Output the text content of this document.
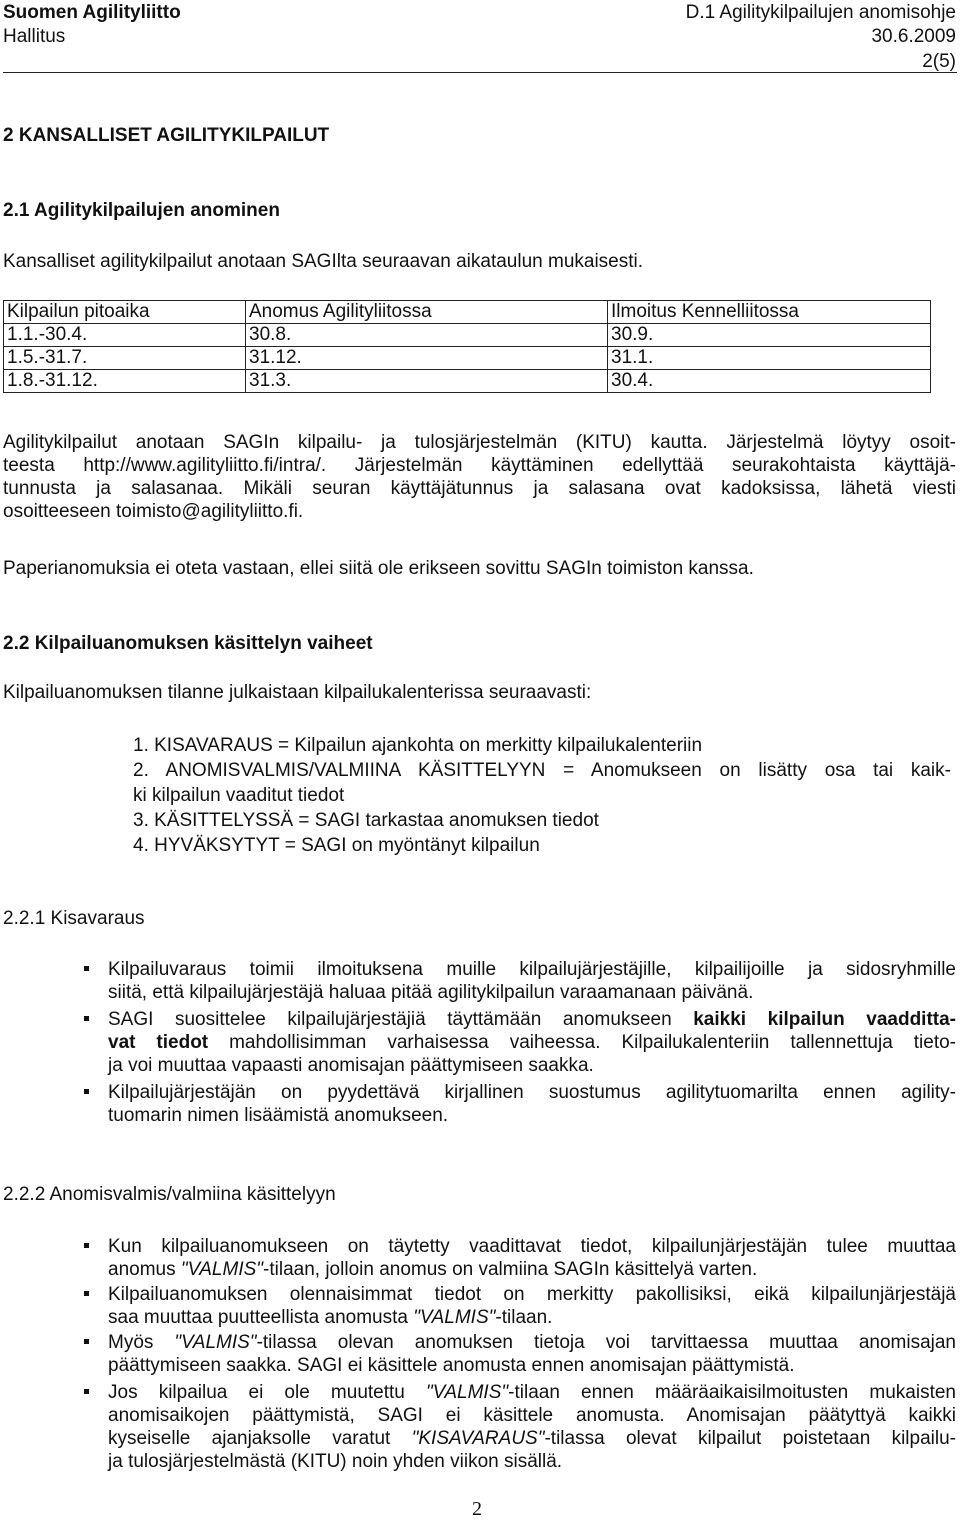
Suomen Agilityliitto
Hallitus
D.1 Agilitykilpailujen anomisohje
30.6.2009
2(5)
2 KANSALLISET AGILITYKILPAILUT
2.1 Agilitykilpailujen anominen
Kansalliset agilitykilpailut anotaan SAGIlta seuraavan aikataulun mukaisesti.
Kilpailun pitoaika	Anomus Agilityliitossa	Ilmoitus Kennelliitossa
1.1.-30.4.	30.8.	30.9.
1.5.-31.7.	31.12.	31.1.
1.8.-31.12.	31.3.	30.4.
Agilitykilpailut anotaan SAGIn kilpailu- ja tulosjärjestelmän (KITU) kautta. Järjestelmä löytyy osoit-
teesta http://www.agilityliitto.fi/intra/. Järjestelmän käyttäminen edellyttää seurakohtaista käyttäjä-
tunnusta ja salasanaa. Mikäli seuran käyttäjätunnus ja salasana ovat kadoksissa, lähetä viesti
osoitteeseen toimisto@agilityliitto.fi.
Paperianomuksia ei oteta vastaan, ellei siitä ole erikseen sovittu SAGIn toimiston kanssa.
2.2 Kilpailuanomuksen käsittelyn vaiheet
Kilpailuanomuksen tilanne julkaistaan kilpailukalenterissa seuraavasti:
1. KISAVARAUS = Kilpailun ajankohta on merkitty kilpailukalenteriin
2. ANOMISVALMIS/VALMIINA KÄSITTELYYN = Anomukseen on lisätty osa tai kaik-
ki kilpailun vaaditut tiedot
3. KÄSITTELYSSÄ = SAGI tarkastaa anomuksen tiedot
4. HYVÄKSYTYT = SAGI on myöntänyt kilpailun
2.2.1 Kisavaraus
Kilpailuvaraus toimii ilmoituksena muille kilpailujärjestäjille, kilpailijoille ja sidosryhmille
siitä, että kilpailujärjestäjä haluaa pitää agilitykilpailun varaamanaan päivänä.
SAGI suosittelee kilpailujärjestäjiä täyttämään anomukseen kaikki kilpailun vaadditta-
vat tiedot mahdollisimman varhaisessa vaiheessa. Kilpailukalenteriin tallennettuja tieto-
ja voi muuttaa vapaasti anomisajan päättymiseen saakka.
Kilpailujärjestäjän on pyydettävä kirjallinen suostumus agilitytuomarilta ennen agility-
tuomarin nimen lisäämistä anomukseen.
2.2.2 Anomisvalmis/valmiina käsittelyyn
Kun kilpailuanomukseen on täytetty vaadittavat tiedot, kilpailunjärjestäjän tulee muuttaa
anomus "VALMIS"-tilaan, jolloin anomus on valmiina SAGIn käsittelyä varten.
Kilpailuanomuksen olennaisimmat tiedot on merkitty pakollisiksi, eikä kilpailunjärjestäjä
saa muuttaa puutteellista anomusta "VALMIS"-tilaan.
Myös "VALMIS"-tilassa olevan anomuksen tietoja voi tarvittaessa muuttaa anomisajan
päättymiseen saakka. SAGI ei käsittele anomusta ennen anomisajan päättymistä.
Jos kilpailua ei ole muutettu "VALMIS"-tilaan ennen määräaikaisilmoitusten mukaisten
anomisaikojen päättymistä, SAGI ei käsittele anomusta. Anomisajan päätyttyä kaikki
kyseiselle ajanjaksolle varatut "KISAVARAUS"-tilassa olevat kilpailut poistetaan kilpailu-
ja tulosjärjestelmästä (KITU) noin yhden viikon sisällä.
2
